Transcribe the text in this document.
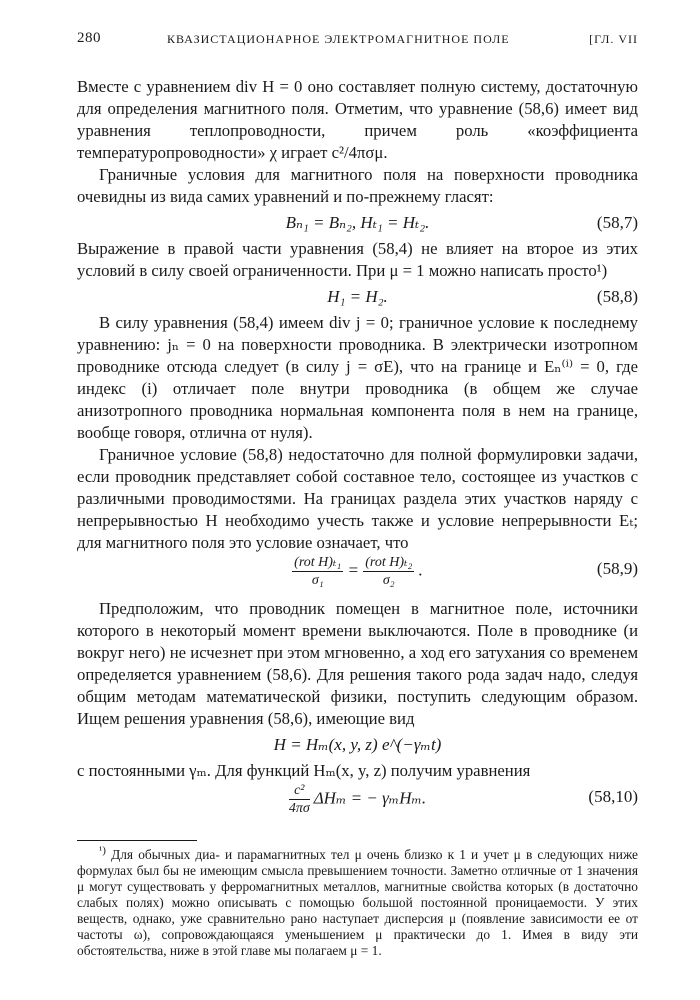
280	КВАЗИСТАЦИОНАРНОЕ ЭЛЕКТРОМАГНИТНОЕ ПОЛЕ	[ГЛ. VII

Вместе с уравнением div H = 0 оно составляет полную систему, достаточную для определения магнитного поля. Отметим, что уравнение (58,6) имеет вид уравнения теплопроводности, причем роль «коэффициента температуропроводности» χ играет c²/4πσμ.

Граничные условия для магнитного поля на поверхности проводника очевидны из вида самих уравнений и по-прежнему гласят:

Bₙ₁ = Bₙ₂, Hₜ₁ = Hₜ₂.	(58,7)

Выражение в правой части уравнения (58,4) не влияет на второе из этих условий в силу своей ограниченности. При μ = 1 можно написать просто¹)

H₁ = H₂.	(58,8)

В силу уравнения (58,4) имеем div j = 0; граничное условие к последнему уравнению: jₙ = 0 на поверхности проводника. В электрически изотропном проводнике отсюда следует (в силу j = σE), что на границе и Eₙ⁽ⁱ⁾ = 0, где индекс (i) отличает поле внутри проводника (в общем же случае анизотропного проводника нормальная компонента поля в нем на границе, вообще говоря, отлична от нуля).

Граничное условие (58,8) недостаточно для полной формулировки задачи, если проводник представляет собой составное тело, состоящее из участков с различными проводимостями. На границах раздела этих участков наряду с непрерывностью H необходимо учесть также и условие непрерывности Eₜ; для магнитного поля это условие означает, что

$\frac{\text{(rot H)ₜ₁}}{\text{σ₁}} = \frac{\text{(rot H)ₜ₂}}{\text{σ₂}}$ .	(58,9)

Предположим, что проводник помещен в магнитное поле, источники которого в некоторый момент времени выключаются. Поле в проводнике (и вокруг него) не исчезнет при этом мгновенно, а ход его затухания со временем определяется уравнением (58,6). Для решения такого рода задач надо, следуя общим методам математической физики, поступить следующим образом. Ищем решения уравнения (58,6), имеющие вид

H = Hₘ(x, y, z) e^(−γₘt)

с постоянными γₘ. Для функций Hₘ(x, y, z) получим уравнения

$\frac{\text{c²}}{4\pi\sigma}$ ΔHₘ = − γₘHₘ.	(58,10)

$^{^1)}$ Для обычных диа- и парамагнитных тел μ очень близко к 1 и учет μ в следующих ниже формулах был бы не имеющим смысла превышением точности. Заметно отличные от 1 значения μ могут существовать у ферромагнитных металлов, магнитные свойства которых (в достаточно слабых полях) можно описывать с помощью большой постоянной проницаемости. У этих веществ, однако, уже сравнительно рано наступает дисперсия μ (появление зависимости ее от частоты ω), сопровождающаяся уменьшением μ практически до 1. Имея в виду эти обстоятельства, ниже в этой главе мы полагаем μ = 1.
